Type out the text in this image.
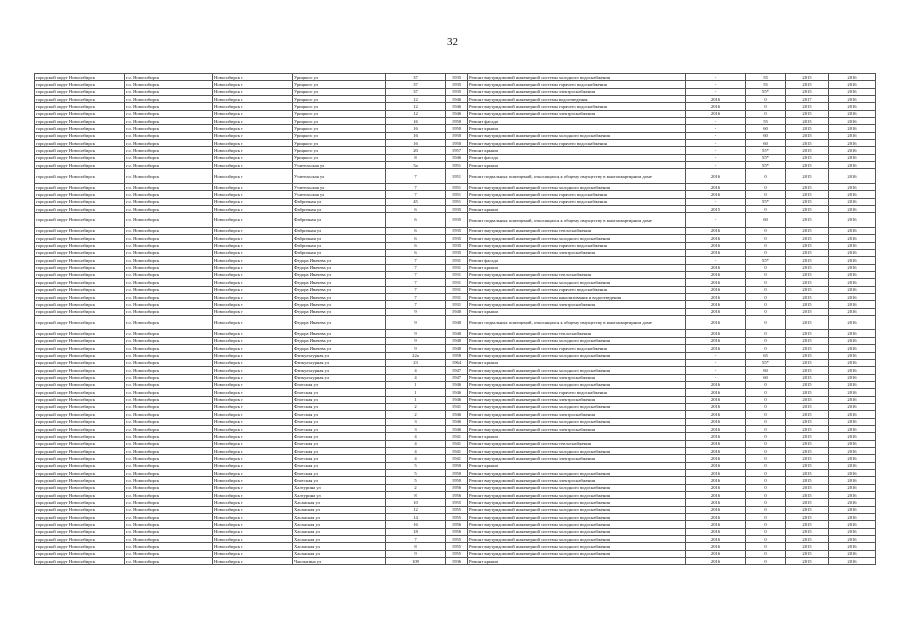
32
городской округ Новосибирск	г.о. Новосибирск	Новосибирск г	Урицкого ул	37	1935	Ремонт внутридомовой инженерной системы холодного водоснабжения	-	55	2015	2016
городской округ Новосибирск	г.о. Новосибирск	Новосибирск г	Урицкого ул	37	1935	Ремонт внутридомовой инженерной системы горячего водоснабжения	-	55	2015	2016
городской округ Новосибирск	г.о. Новосибирск	Новосибирск г	Урицкого ул	37	1935	Ремонт внутридомовой инженерной системы электроснабжения	-	55*	2015	2016
городской округ Новосибирск	г.о. Новосибирск	Новосибирск г	Урицкого ул	12	1946	Ремонт внутридомовой инженерной системы водоотведения	2016	0	2017	2016
городской округ Новосибирск	г.о. Новосибирск	Новосибирск г	Урицкого ул	12	1946	Ремонт внутридомовой инженерной системы горячего водоснабжения	2016	0	2015	2016
городской округ Новосибирск	г.о. Новосибирск	Новосибирск г	Урицкого ул	12	1946	Ремонт внутридомовой инженерной системы электроснабжения	2016	0	2015	2016
городской округ Новосибирск	г.о. Новосибирск	Новосибирск г	Урицкого ул	16	1950	Ремонт фасада	-	55	2015	2016
городской округ Новосибирск	г.о. Новосибирск	Новосибирск г	Урицкого ул	16	1950	Ремонт крыши	-	60	2015	2016
городской округ Новосибирск	г.о. Новосибирск	Новосибирск г	Урицкого ул	16	1950	Ремонт внутридомовой инженерной системы холодного водоснабжения	-	60	2015	2016
городской округ Новосибирск	г.о. Новосибирск	Новосибирск г	Урицкого ул	16	1950	Ремонт внутридомовой инженерной системы горячего водоснабжения	-	60	2015	2016
городской округ Новосибирск	г.о. Новосибирск	Новосибирск г	Урицкого ул	20	1957	Ремонт крыши	-	55*	2015	2016
городской округ Новосибирск	г.о. Новосибирск	Новосибирск г	Урицкого ул	8	1946	Ремонт фасада	-	55*	2015	2016
городской округ Новосибирск	г.о. Новосибирск	Новосибирск г	Учительская ул	5а	1951	Ремонт крыши	-	55*	2015	2016
городской округ Новосибирск	г.о. Новосибирск	Новосибирск г	Учительская ул	7	1951	Ремонт подвальных помещений, относящихся к общему имуществу в многоквартирном доме	2016	0	2015	2016
городской округ Новосибирск	г.о. Новосибирск	Новосибирск г	Учительская ул	7	1951	Ремонт внутридомовой инженерной системы холодного водоснабжения	2016	0	2015	2016
городской округ Новосибирск	г.о. Новосибирск	Новосибирск г	Учительская ул	7	1951	Ремонт внутридомовой инженерной системы горячего водоснабжения	2016	0	2015	2016
городской округ Новосибирск	г.о. Новосибирск	Новосибирск г	Фабричная ул	45	1951	Ремонт внутридомовой инженерной системы горячего водоснабжения	-	55*	2015	2016
городской округ Новосибирск	г.о. Новосибирск	Новосибирск г	Фабричная ул	6	1935	Ремонт крыши	2015	0	2015	2016
городской округ Новосибирск	г.о. Новосибирск	Новосибирск г	Фабричная ул	6	1935	Ремонт подвальных помещений, относящихся к общему имуществу в многоквартирном доме	-	60	2015	2016
городской округ Новосибирск	г.о. Новосибирск	Новосибирск г	Фабричная ул	6	1935	Ремонт внутридомовой инженерной системы теплоснабжения	2016	0	2015	2016
городской округ Новосибирск	г.о. Новосибирск	Новосибирск г	Фабричная ул	6	1935	Ремонт внутридомовой инженерной системы холодного водоснабжения	2016	0	2015	2016
городской округ Новосибирск	г.о. Новосибирск	Новосибирск г	Фабричная ул	6	1935	Ремонт внутридомовой инженерной системы горячего водоснабжения	2016	0	2015	2016
городской округ Новосибирск	г.о. Новосибирск	Новосибирск г	Фабричная ул	6	1935	Ремонт внутридомовой инженерной системы электроснабжения	2016	0	2015	2016
городской округ Новосибирск	г.о. Новосибирск	Новосибирск г	Федора Ивачева ул	7	1931	Ремонт фасада	-	55*	2015	2016
городской округ Новосибирск	г.о. Новосибирск	Новосибирск г	Федора Ивачева ул	7	1931	Ремонт крыши	2016	0	2015	2016
городской округ Новосибирск	г.о. Новосибирск	Новосибирск г	Федора Ивачева ул	7	1931	Ремонт внутридомовой инженерной системы теплоснабжения	2016	0	2015	2016
городской округ Новосибирск	г.о. Новосибирск	Новосибирск г	Федора Ивачева ул	7	1931	Ремонт внутридомовой инженерной системы холодного водоснабжения	2016	0	2015	2016
городской округ Новосибирск	г.о. Новосибирск	Новосибирск г	Федора Ивачева ул	7	1931	Ремонт внутридомовой инженерной системы горячего водоснабжения	2016	0	2015	2016
городской округ Новосибирск	г.о. Новосибирск	Новосибирск г	Федора Ивачева ул	7	1931	Ремонт внутридомовой инженерной системы канализования и водоотведения	2016	0	2015	2016
городской округ Новосибирск	г.о. Новосибирск	Новосибирск г	Федора Ивачева ул	7	1931	Ремонт внутридомовой инженерной системы электроснабжения	2016	0	2015	2016
городской округ Новосибирск	г.о. Новосибирск	Новосибирск г	Федора Ивачева ул	9	1940	Ремонт крыши	2016	0	2015	2016
городской округ Новосибирск	г.о. Новосибирск	Новосибирск г	Федора Ивачева ул	9	1940	Ремонт подвальных помещений, относящихся к общему имуществу в многоквартирном доме	2016	0	2015	2016
городской округ Новосибирск	г.о. Новосибирск	Новосибирск г	Федора Ивачева ул	9	1940	Ремонт внутридомовой инженерной системы теплоснабжения	2016	0	2015	2016
городской округ Новосибирск	г.о. Новосибирск	Новосибирск г	Федора Ивачева ул	9	1940	Ремонт внутридомовой инженерной системы холодного водоснабжения	2016	0	2015	2016
городской округ Новосибирск	г.о. Новосибирск	Новосибирск г	Федора Ивачева ул	9	1940	Ремонт внутридомовой инженерной системы горячего водоснабжения	2016	0	2015	2016
городской округ Новосибирск	г.о. Новосибирск	Новосибирск г	Физкультурная ул	22а	1958	Ремонт внутридомовой инженерной системы холодного водоснабжения	-	65	2015	2016
городской округ Новосибирск	г.о. Новосибирск	Новосибирск г	Физкультурная ул	23	1964	Ремонт крыши	-	55*	2015	2016
городской округ Новосибирск	г.о. Новосибирск	Новосибирск г	Физкультурная ул	4	1947	Ремонт внутридомовой инженерной системы холодного водоснабжения	-	60	2015	2016
городской округ Новосибирск	г.о. Новосибирск	Новосибирск г	Физкультурная ул	4	1947	Ремонт внутридомовой инженерной системы электроснабжения	-	60	2015	2016
городской округ Новосибирск	г.о. Новосибирск	Новосибирск г	Флотская ул	1	1946	Ремонт внутридомовой инженерной системы холодного водоснабжения	2016	0	2015	2016
городской округ Новосибирск	г.о. Новосибирск	Новосибирск г	Флотская ул	1	1946	Ремонт внутридомовой инженерной системы горячего водоснабжения	2016	0	2015	2016
городской округ Новосибирск	г.о. Новосибирск	Новосибирск г	Флотская ул	1	1946	Ремонт внутридомовой инженерной системы электроснабжения	2016	0	2015	2016
городской округ Новосибирск	г.о. Новосибирск	Новосибирск г	Флотская ул	2	1941	Ремонт внутридомовой инженерной системы холодного водоснабжения	2016	0	2015	2016
городской округ Новосибирск	г.о. Новосибирск	Новосибирск г	Флотская ул	2	1946	Ремонт внутридомовой инженерной системы электроснабжения	2016	0	2015	2016
городской округ Новосибирск	г.о. Новосибирск	Новосибирск г	Флотская ул	3	1946	Ремонт внутридомовой инженерной системы холодного водоснабжения	2016	0	2015	2016
городской округ Новосибирск	г.о. Новосибирск	Новосибирск г	Флотская ул	3	1946	Ремонт внутридомовой инженерной системы электроснабжения	2016	0	2015	2016
городской округ Новосибирск	г.о. Новосибирск	Новосибирск г	Флотская ул	4	1941	Ремонт крыши	2016	0	2015	2016
городской округ Новосибирск	г.о. Новосибирск	Новосибирск г	Флотская ул	4	1941	Ремонт внутридомовой инженерной системы теплоснабжения	2016	0	2015	2016
городской округ Новосибирск	г.о. Новосибирск	Новосибирск г	Флотская ул	4	1941	Ремонт внутридомовой инженерной системы холодного водоснабжения	2016	0	2015	2016
городской округ Новосибирск	г.о. Новосибирск	Новосибирск г	Флотская ул	4	1941	Ремонт внутридомовой инженерной системы электроснабжения	2016	0	2015	2016
городской округ Новосибирск	г.о. Новосибирск	Новосибирск г	Флотская ул	5	1950	Ремонт крыши	2016	0	2015	2016
городской округ Новосибирск	г.о. Новосибирск	Новосибирск г	Флотская ул	5	1950	Ремонт внутридомовой инженерной системы холодного водоснабжения	2016	0	2015	2016
городской округ Новосибирск	г.о. Новосибирск	Новосибирск г	Флотская ул	5	1950	Ремонт внутридомовой инженерной системы электроснабжения	2016	0	2015	2016
городской округ Новосибирск	г.о. Новосибирск	Новосибирск г	Халтурина ул	2	1956	Ремонт внутридомовой инженерной системы холодного водоснабжения	2016	0	2015	2016
городской округ Новосибирск	г.о. Новосибирск	Новосибирск г	Халтурина ул	8	1956	Ремонт внутридомовой инженерной системы холодного водоснабжения	2016	0	2015	2016
городской округ Новосибирск	г.о. Новосибирск	Новосибирск г	Хасанская ул	10	1955	Ремонт внутридомовой инженерной системы холодного водоснабжения	2016	0	2015	2016
городской округ Новосибирск	г.о. Новосибирск	Новосибирск г	Хасанская ул	12	1955	Ремонт внутридомовой инженерной системы холодного водоснабжения	2016	0	2015	2016
городской округ Новосибирск	г.о. Новосибирск	Новосибирск г	Хасанская ул	14	1955	Ремонт внутридомовой инженерной системы холодного водоснабжения	2016	0	2015	2016
городской округ Новосибирск	г.о. Новосибирск	Новосибирск г	Хасанская ул	16	1956	Ремонт внутридомовой инженерной системы холодного водоснабжения	2016	0	2015	2016
городской округ Новосибирск	г.о. Новосибирск	Новосибирск г	Хасанская ул	18	1956	Ремонт внутридомовой инженерной системы холодного водоснабжения	2016	0	2015	2016
городской округ Новосибирск	г.о. Новосибирск	Новосибирск г	Хасанская ул	7	1955	Ремонт внутридомовой инженерной системы холодного водоснабжения	2016	0	2015	2016
городской округ Новосибирск	г.о. Новосибирск	Новосибирск г	Хасанская ул	8	1955	Ремонт внутридомовой инженерной системы холодного водоснабжения	2016	0	2015	2016
городской округ Новосибирск	г.о. Новосибирск	Новосибирск г	Хасанская ул	9	1955	Ремонт внутридомовой инженерной системы холодного водоснабжения	2016	0	2015	2016
городской округ Новосибирск	г.о. Новосибирск	Новосибирск г	Чаплыгина ул	109	1936	Ремонт крыши	2016	0	2015	2016
